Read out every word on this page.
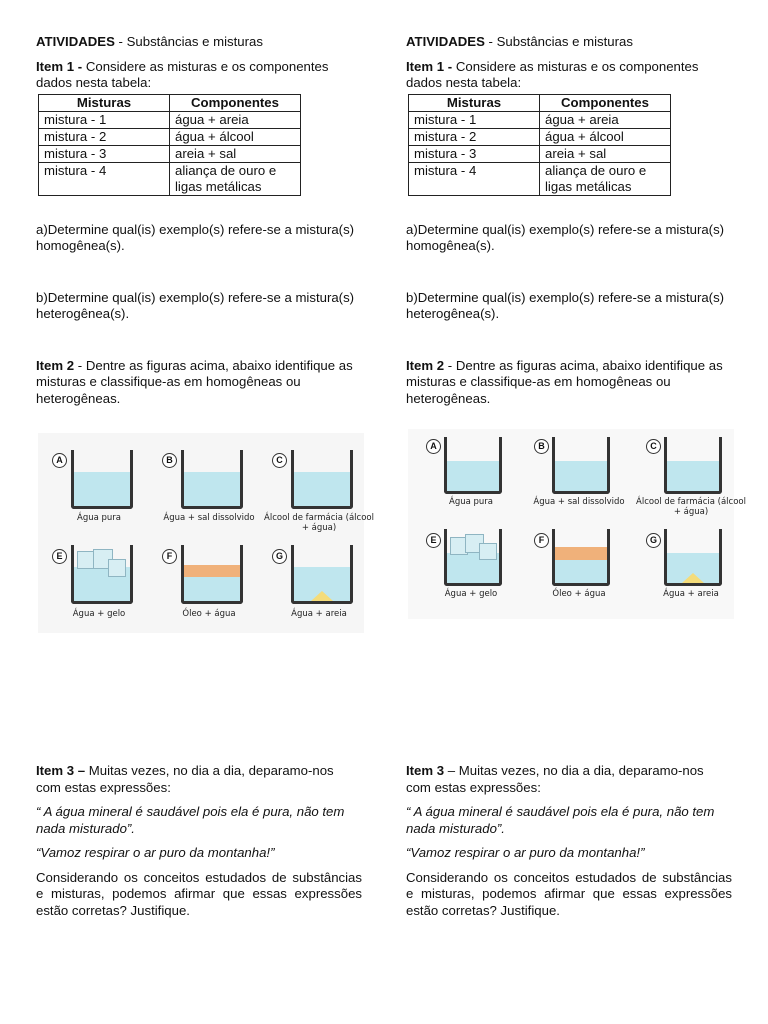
ATIVIDADES - Substâncias e misturas

Item 1 - Considere as misturas e os componentes dados nesta tabela:

Misturas	Componentes
mistura - 1	água + areia
mistura - 2	água + álcool
mistura - 3	areia + sal
mistura - 4	aliança de ouro e ligas metálicas

a)Determine qual(is) exemplo(s) refere-se a mistura(s) homogênea(s).

b)Determine qual(is) exemplo(s) refere-se a mistura(s) heterogênea(s).

Item 2 - Dentre as figuras acima, abaixo identifique as misturas e classifique-as em homogêneas ou heterogêneas.

A
Água pura
B
Água + sal dissolvido
C
Álcool de farmácia (álcool + água)
E
Água + gelo
F
Óleo + água
G
Água + areia

Item 3 – Muitas vezes, no dia a dia, deparamo-nos com estas expressões:

“ A água mineral é saudável pois ela é pura, não tem nada misturado”.

“Vamoz respirar o ar puro da montanha!”

Considerando os conceitos estudados de substâncias e misturas, podemos afirmar que essas expressões estão corretas? Justifique.

ATIVIDADES - Substâncias e misturas

Item 1 - Considere as misturas e os componentes dados nesta tabela:

Misturas	Componentes
mistura - 1	água + areia
mistura - 2	água + álcool
mistura - 3	areia + sal
mistura - 4	aliança de ouro e ligas metálicas

a)Determine qual(is) exemplo(s) refere-se a mistura(s) homogênea(s).

b)Determine qual(is) exemplo(s) refere-se a mistura(s) heterogênea(s).

Item 2 - Dentre as figuras acima, abaixo identifique as misturas e classifique-as em homogêneas ou heterogêneas.

A
Água pura
B
Água + sal dissolvido
C
Álcool de farmácia (álcool + água)
E
Água + gelo
F
Óleo + água
G
Água + areia

Item 3 – Muitas vezes, no dia a dia, deparamo-nos com estas expressões:

“ A água mineral é saudável pois ela é pura, não tem nada misturado”.

“Vamoz respirar o ar puro da montanha!”

Considerando os conceitos estudados de substâncias e misturas, podemos afirmar que essas expressões estão corretas? Justifique.
